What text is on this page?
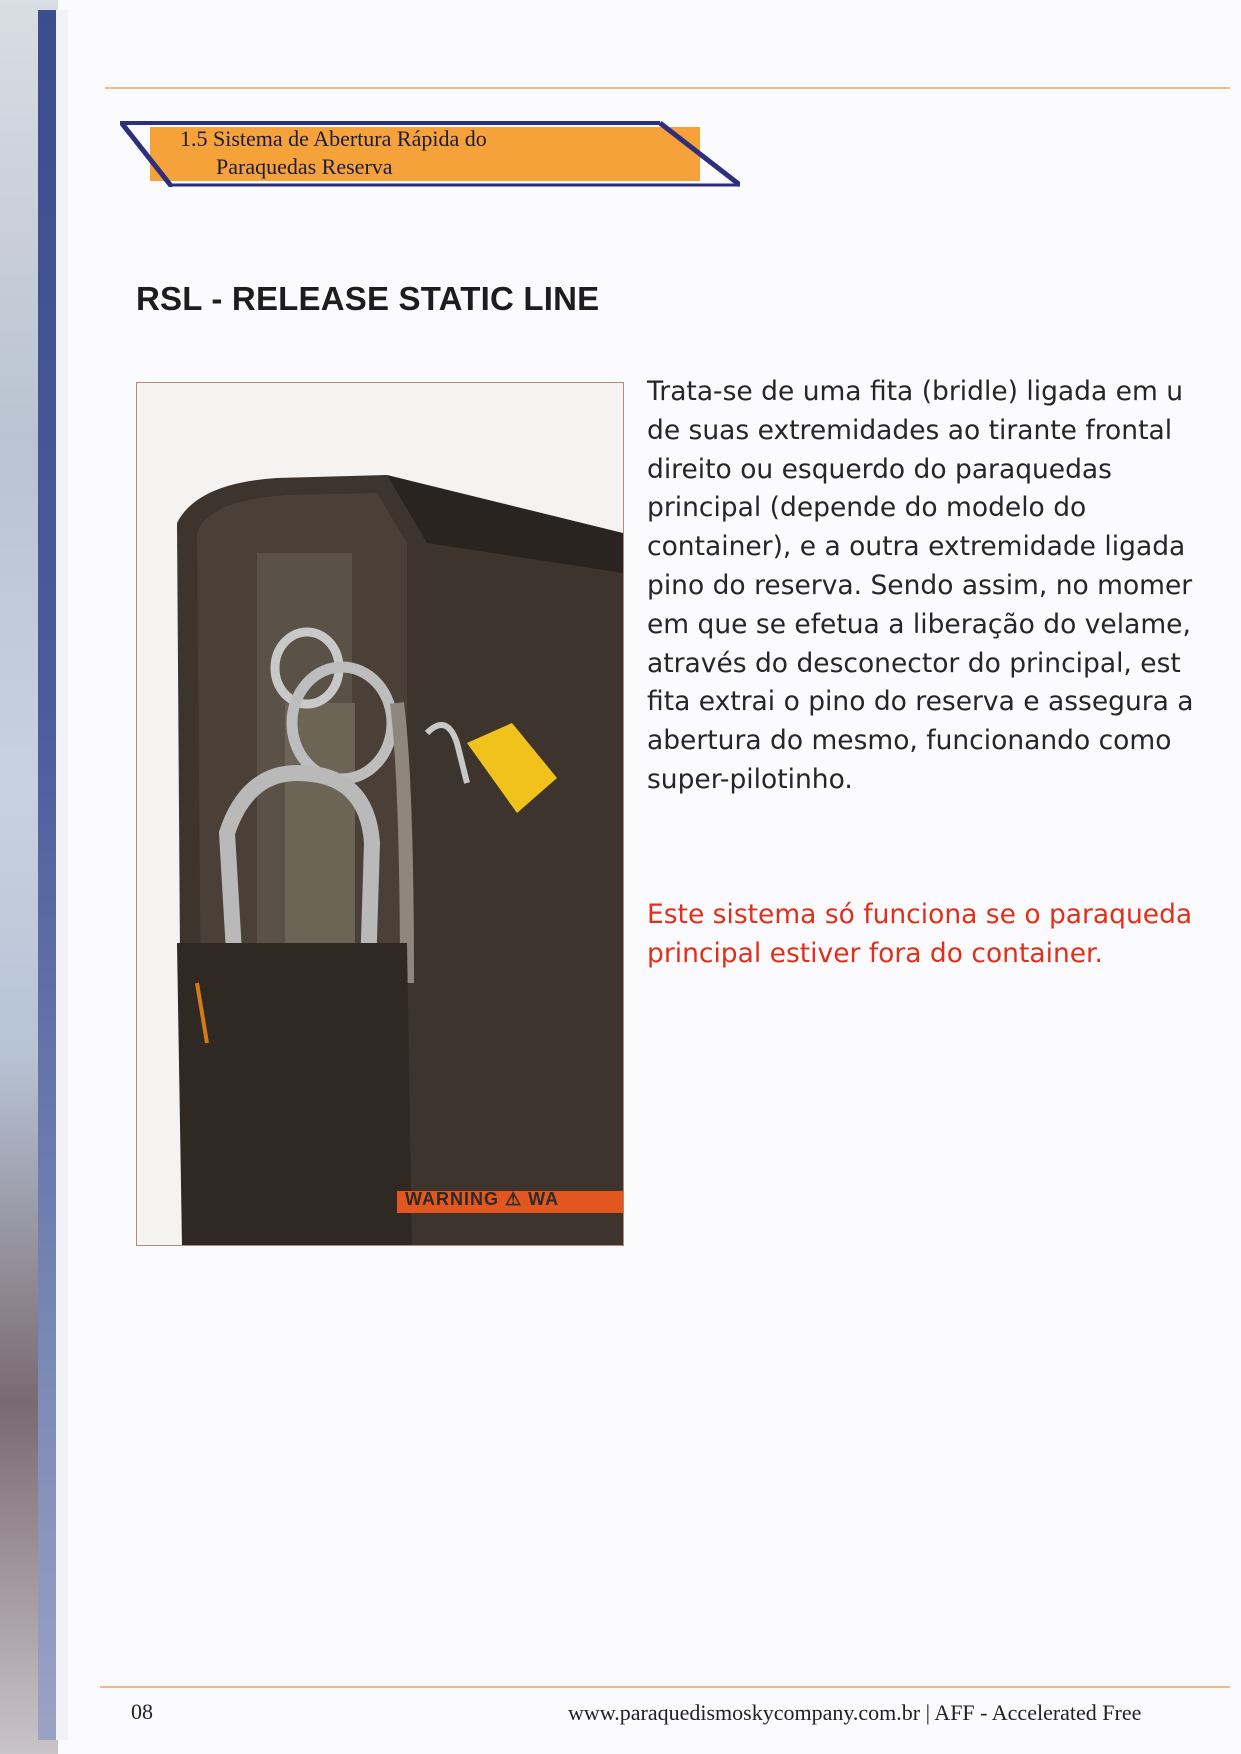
1.5 Sistema de Abertura Rápida do
Paraquedas Reserva
RSL - RELEASE STATIC LINE
WARNING ⚠ WA
Trata-se de uma fita (bridle) ligada em u
de suas extremidades ao tirante frontal
direito ou esquerdo do paraquedas
principal (depende do modelo do
container), e a outra extremidade ligada
pino do reserva. Sendo assim, no momer
em que se efetua a liberação do velame,
através do desconector do principal, est
fita extrai o pino do reserva e assegura a
abertura do mesmo, funcionando como
super-pilotinho.
Este sistema só funciona se o paraqueda
principal estiver fora do container.
08	www.paraquedismoskycompany.com.br | AFF - Accelerated Free
